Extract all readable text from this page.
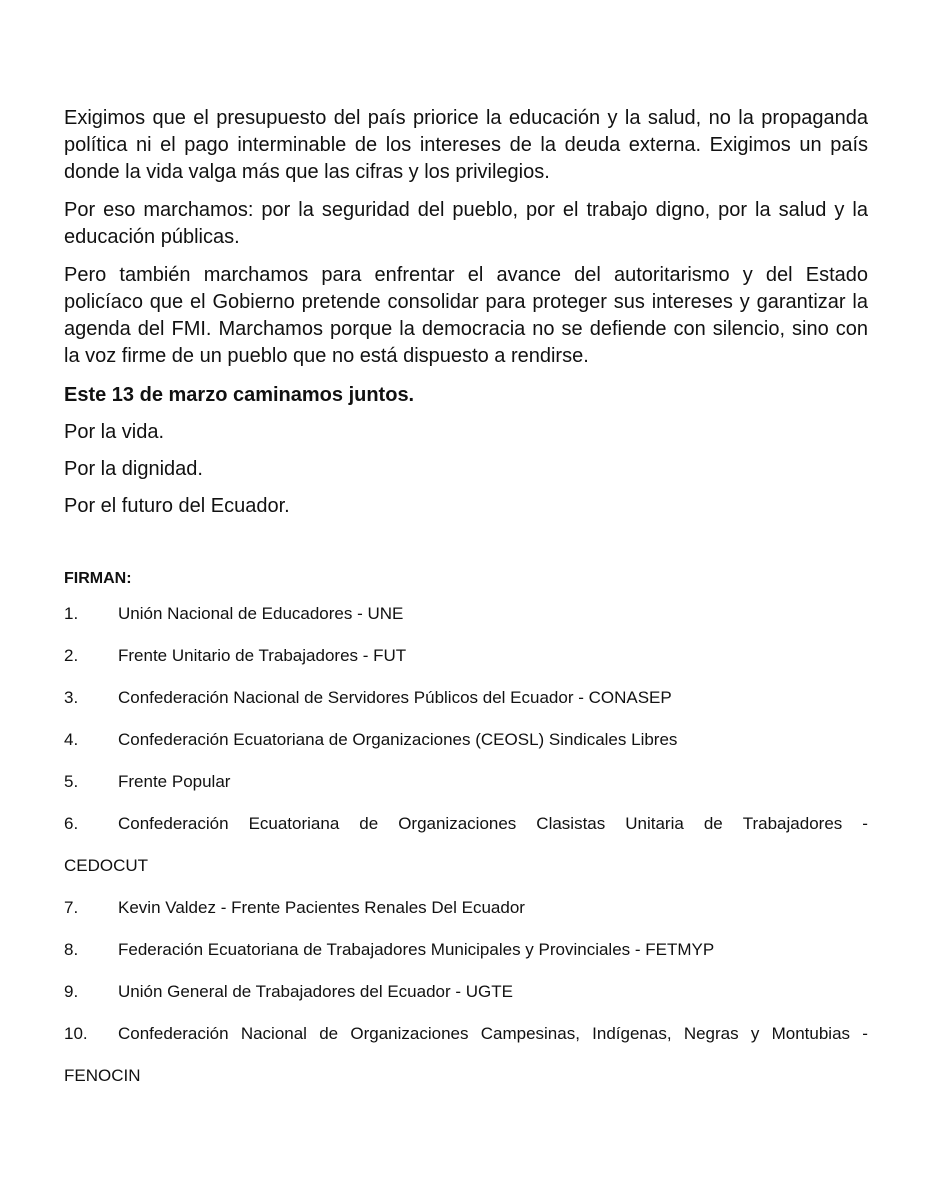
Exigimos que el presupuesto del país priorice la educación y la salud, no la propaganda política ni el pago interminable de los intereses de la deuda externa. Exigimos un país donde la vida valga más que las cifras y los privilegios.

Por eso marchamos: por la seguridad del pueblo, por el trabajo digno, por la salud y la educación públicas.

Pero también marchamos para enfrentar el avance del autoritarismo y del Estado policíaco que el Gobierno pretende consolidar para proteger sus intereses y garantizar la agenda del FMI. Marchamos porque la democracia no se defiende con silencio, sino con la voz firme de un pueblo que no está dispuesto a rendirse.

Este 13 de marzo caminamos juntos.

Por la vida.

Por la dignidad.

Por el futuro del Ecuador.

FIRMAN:
1. Unión Nacional de Educadores - UNE
2. Frente Unitario de Trabajadores - FUT
3. Confederación Nacional de Servidores Públicos del Ecuador - CONASEP
4. Confederación Ecuatoriana de Organizaciones (CEOSL) Sindicales Libres
5. Frente Popular
6.	Confederación Ecuatoriana de Organizaciones Clasistas Unitaria de Trabajadores -
CEDOCUT
7. Kevin Valdez - Frente Pacientes Renales Del Ecuador
8. Federación Ecuatoriana de Trabajadores Municipales y Provinciales - FETMYP
9. Unión General de Trabajadores del Ecuador - UGTE
10.	Confederación Nacional de Organizaciones Campesinas, Indígenas, Negras y Montubias -
FENOCIN
